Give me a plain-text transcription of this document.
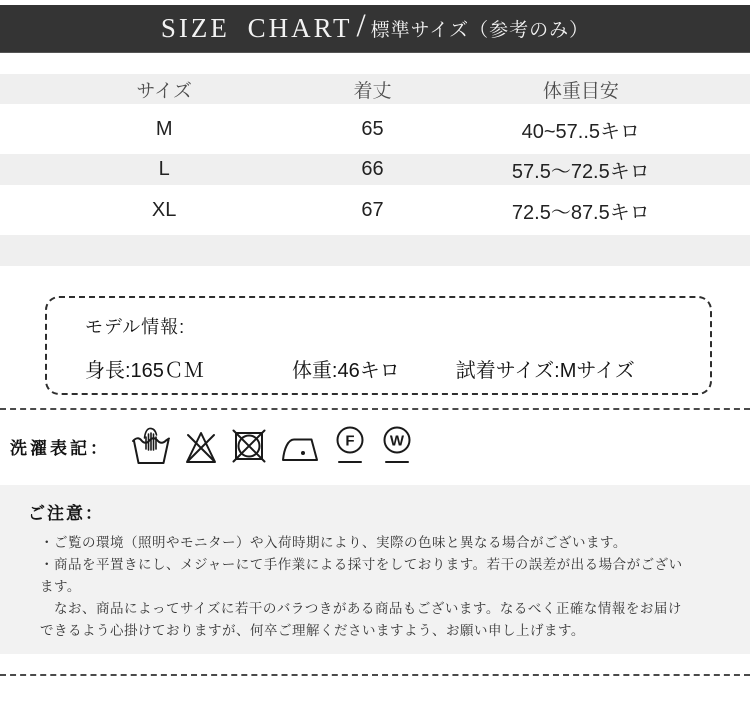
SIZE CHART / 標準サイズ（参考のみ）
サイズ	着丈	体重目安
M	65	40~57..5キロ
L	66	57.5〜72.5キロ
XL	67	72.5〜87.5キロ
モデル情報:
身長:165ＣＭ	体重:46キロ	試着サイズ:Mサイズ
洗濯表記：	F W
ご注意：
・ご覧の環境（照明やモニター）や入荷時期により、実際の色味と異なる場合がございます。
・商品を平置きにし、メジャーにて手作業による採寸をしております。若干の誤差が出る場合がござい
ます。
　なお、商品によってサイズに若干のバラつきがある商品もございます。なるべく正確な情報をお届け
できるよう心掛けておりますが、何卒ご理解くださいますよう、お願い申し上げます。
